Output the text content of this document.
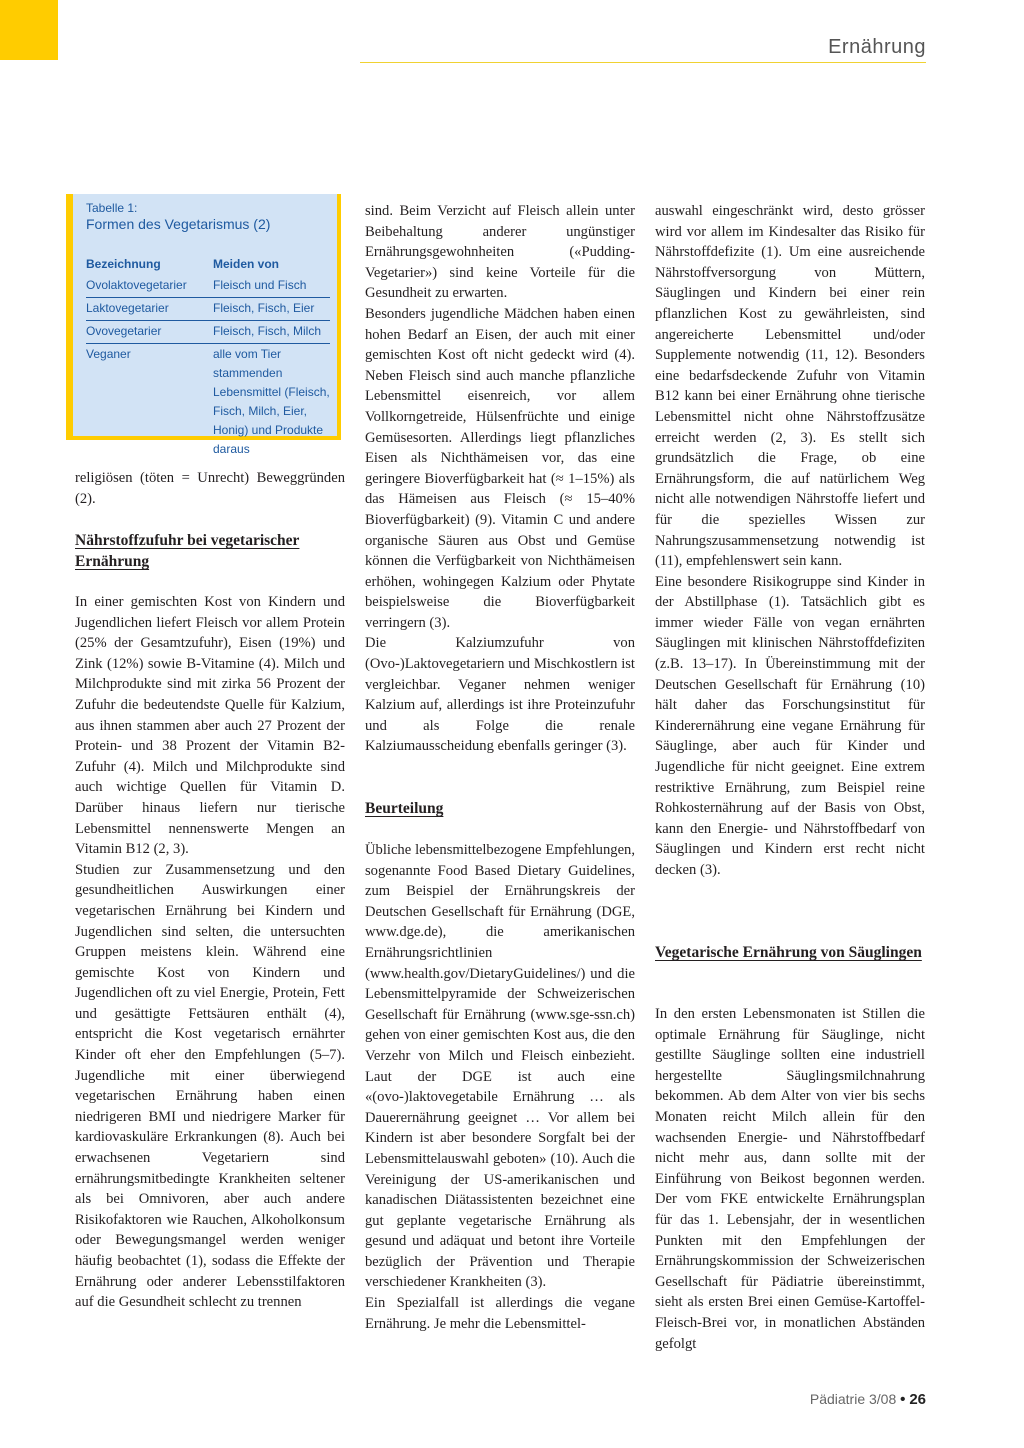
Ernährung
Tabelle 1:
Formen des Vegetarismus (2)
Bezeichnung	Meiden von
Ovolaktovegetarier	Fleisch und Fisch
Laktovegetarier	Fleisch, Fisch, Eier
Ovovegetarier	Fleisch, Fisch, Milch
Veganer	alle vom Tier stammenden Lebensmittel (Fleisch, Fisch, Milch, Eier, Honig) und Produkte daraus

religiösen (töten = Unrecht) Beweggründen (2).

Nährstoffzufuhr bei vegetarischer Ernährung

In einer gemischten Kost von Kindern und Jugendlichen liefert Fleisch vor allem Protein (25% der Gesamtzufuhr), Eisen (19%) und Zink (12%) sowie B-Vitamine (4). Milch und Milchprodukte sind mit zirka 56 Prozent der Zufuhr die bedeutendste Quelle für Kalzium, aus ihnen stammen aber auch 27 Prozent der Protein- und 38 Prozent der Vitamin B2-Zufuhr (4). Milch und Milchprodukte sind auch wichtige Quellen für Vitamin D. Darüber hinaus liefern nur tierische Lebensmittel nennenswerte Mengen an Vitamin B12 (2, 3).

Studien zur Zusammensetzung und den gesundheitlichen Auswirkungen einer vegetarischen Ernährung bei Kindern und Jugendlichen sind selten, die untersuchten Gruppen meistens klein. Während eine gemischte Kost von Kindern und Jugendlichen oft zu viel Energie, Protein, Fett und gesättigte Fettsäuren enthält (4), entspricht die Kost vegetarisch ernährter Kinder oft eher den Empfehlungen (5–7). Jugendliche mit einer überwiegend vegetarischen Ernährung haben einen niedrigeren BMI und niedrigere Marker für kardiovaskuläre Erkrankungen (8). Auch bei erwachsenen Vegetariern sind ernährungsmitbedingte Krankheiten seltener als bei Omnivoren, aber auch andere Risikofaktoren wie Rauchen, Alkoholkonsum oder Bewegungsmangel werden weniger häufig beobachtet (1), sodass die Effekte der Ernährung oder anderer Lebensstilfaktoren auf die Gesundheit schlecht zu trennen

sind. Beim Verzicht auf Fleisch allein unter Beibehaltung anderer ungünstiger Ernährungsgewohnheiten («Pudding-Vegetarier») sind keine Vorteile für die Gesundheit zu erwarten.

Besonders jugendliche Mädchen haben einen hohen Bedarf an Eisen, der auch mit einer gemischten Kost oft nicht gedeckt wird (4). Neben Fleisch sind auch manche pflanzliche Lebensmittel eisenreich, vor allem Vollkorngetreide, Hülsenfrüchte und einige Gemüsesorten. Allerdings liegt pflanzliches Eisen als Nichthämeisen vor, das eine geringere Bioverfügbarkeit hat (≈ 1–15%) als das Hämeisen aus Fleisch (≈ 15–40% Bioverfügbarkeit) (9). Vitamin C und andere organische Säuren aus Obst und Gemüse können die Verfügbarkeit von Nichthämeisen erhöhen, wohingegen Kalzium oder Phytate beispielsweise die Bioverfügbarkeit verringern (3).

Die Kalziumzufuhr von (Ovo-)Laktovegetariern und Mischkostlern ist vergleichbar. Veganer nehmen weniger Kalzium auf, allerdings ist ihre Proteinzufuhr und als Folge die renale Kalziumausscheidung ebenfalls geringer (3).

Beurteilung

Übliche lebensmittelbezogene Empfehlungen, sogenannte Food Based Dietary Guidelines, zum Beispiel der Ernährungskreis der Deutschen Gesellschaft für Ernährung (DGE, www.dge.de), die amerikanischen Ernährungsrichtlinien (www.health.gov/DietaryGuidelines/) und die Lebensmittelpyramide der Schweizerischen Gesellschaft für Ernährung (www.sge-ssn.ch) gehen von einer gemischten Kost aus, die den Verzehr von Milch und Fleisch einbezieht. Laut der DGE ist auch eine «(ovo-)laktovegetabile Ernährung … als Dauerernährung geeignet … Vor allem bei Kindern ist aber besondere Sorgfalt bei der Lebensmittelauswahl geboten» (10). Auch die Vereinigung der US-amerikanischen und kanadischen Diätassistenten bezeichnet eine gut geplante vegetarische Ernährung als gesund und adäquat und betont ihre Vorteile bezüglich der Prävention und Therapie verschiedener Krankheiten (3).

Ein Spezialfall ist allerdings die vegane Ernährung. Je mehr die Lebensmittel-

auswahl eingeschränkt wird, desto grösser wird vor allem im Kindesalter das Risiko für Nährstoffdefizite (1). Um eine ausreichende Nährstoffversorgung von Müttern, Säuglingen und Kindern bei einer rein pflanzlichen Kost zu gewährleisten, sind angereicherte Lebensmittel und/oder Supplemente notwendig (11, 12). Besonders eine bedarfsdeckende Zufuhr von Vitamin B12 kann bei einer Ernährung ohne tierische Lebensmittel nicht ohne Nährstoffzusätze erreicht werden (2, 3). Es stellt sich grundsätzlich die Frage, ob eine Ernährungsform, die auf natürlichem Weg nicht alle notwendigen Nährstoffe liefert und für die spezielles Wissen zur Nahrungszusammensetzung notwendig ist (11), empfehlenswert sein kann.

Eine besondere Risikogruppe sind Kinder in der Abstillphase (1). Tatsächlich gibt es immer wieder Fälle von vegan ernährten Säuglingen mit klinischen Nährstoffdefiziten (z.B. 13–17). In Übereinstimmung mit der Deutschen Gesellschaft für Ernährung (10) hält daher das Forschungsinstitut für Kinderernährung eine vegane Ernährung für Säuglinge, aber auch für Kinder und Jugendliche für nicht geeignet. Eine extrem restriktive Ernährung, zum Beispiel reine Rohkosternährung auf der Basis von Obst, kann den Energie- und Nährstoffbedarf von Säuglingen und Kindern erst recht nicht decken (3).

Vegetarische Ernährung von Säuglingen

In den ersten Lebensmonaten ist Stillen die optimale Ernährung für Säuglinge, nicht gestillte Säuglinge sollten eine industriell hergestellte Säuglingsmilchnahrung bekommen. Ab dem Alter von vier bis sechs Monaten reicht Milch allein für den wachsenden Energie- und Nährstoffbedarf nicht mehr aus, dann sollte mit der Einführung von Beikost begonnen werden. Der vom FKE entwickelte Ernährungsplan für das 1. Lebensjahr, der in wesentlichen Punkten mit den Empfehlungen der Ernährungskommission der Schweizerischen Gesellschaft für Pädiatrie übereinstimmt, sieht als ersten Brei einen Gemüse-Kartoffel-Fleisch-Brei vor, in monatlichen Abständen gefolgt

Pädiatrie 3/08 • 26
